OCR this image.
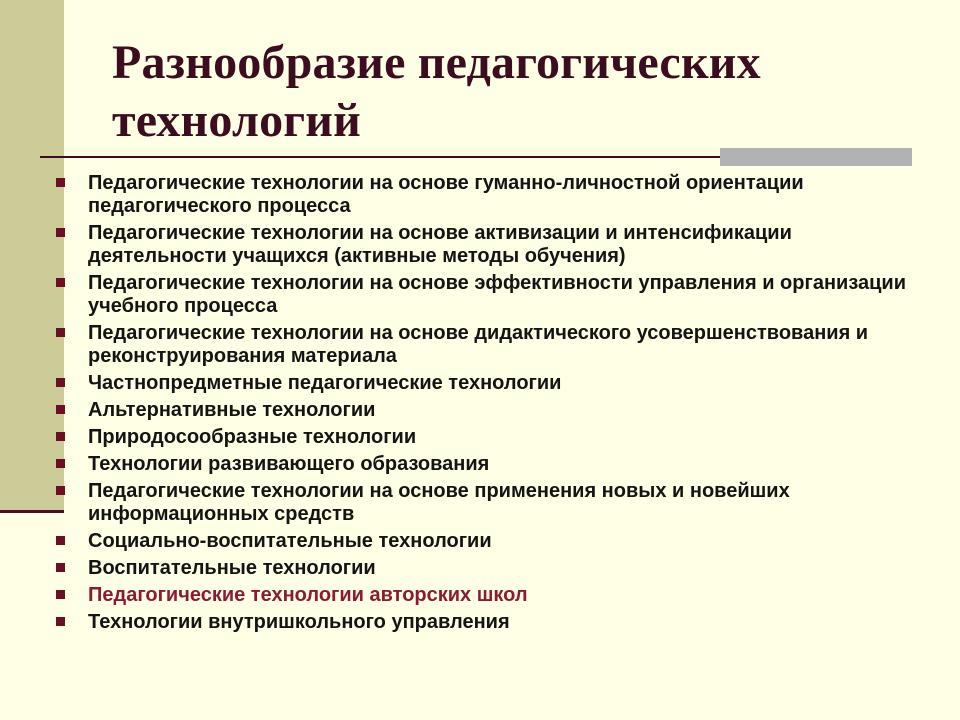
Разнообразие педагогических
технологий
Педагогические технологии на основе гуманно-личностной ориентации педагогического процесса
Педагогические технологии на основе активизации и интенсификации деятельности учащихся (активные методы обучения)
Педагогические технологии на основе эффективности управления и организации учебного процесса
Педагогические технологии на основе дидактического усовершенствования и реконструирования материала
Частнопредметные педагогические технологии
Альтернативные технологии
Природосообразные технологии
Технологии развивающего образования
Педагогические технологии на основе применения новых и новейших информационных средств
Социально-воспитательные технологии
Воспитательные технологии
Педагогические технологии авторских школ
Технологии внутришкольного управления
